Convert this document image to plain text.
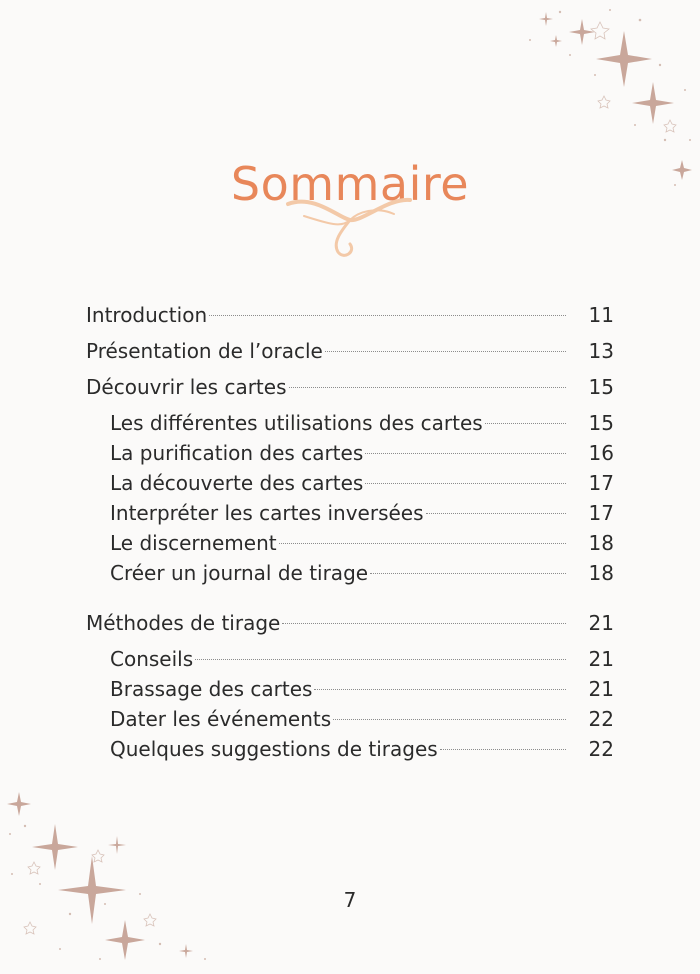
Sommaire
Introduction	11
Présentation de l’oracle	13
Découvrir les cartes	15
Les différentes utilisations des cartes	15
La purification des cartes	16
La découverte des cartes	17
Interpréter les cartes inversées	17
Le discernement	18
Créer un journal de tirage	18
Méthodes de tirage	21
Conseils	21
Brassage des cartes	21
Dater les événements	22
Quelques suggestions de tirages	22
7
